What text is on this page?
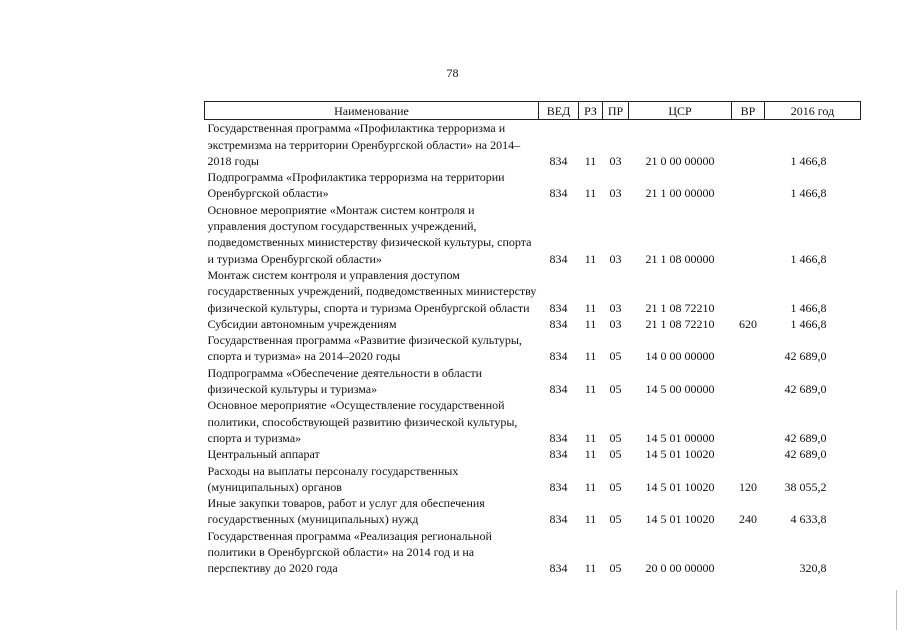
78
Наименование	ВЕД	РЗ	ПР	ЦСР	ВР	2016 год
Государственная программа «Профилактика терроризма и экстремизма на территории Оренбургской области» на 2014–2018 годы	834	11	03	21 0 00 00000		1 466,8
Подпрограмма «Профилактика терроризма на территории Оренбургской области»	834	11	03	21 1 00 00000		1 466,8
Основное мероприятие «Монтаж систем контроля и управления доступом государственных учреждений, подведомственных министерству физической культуры, спорта и туризма Оренбургской области»	834	11	03	21 1 08 00000		1 466,8
Монтаж систем контроля и управления доступом государственных учреждений, подведомственных министерству физической культуры, спорта и туризма Оренбургской области	834	11	03	21 1 08 72210		1 466,8
Субсидии автономным учреждениям	834	11	03	21 1 08 72210	620	1 466,8
Государственная программа «Развитие физической культуры, спорта и туризма» на 2014–2020 годы	834	11	05	14 0 00 00000		42 689,0
Подпрограмма «Обеспечение деятельности в области физической культуры и туризма»	834	11	05	14 5 00 00000		42 689,0
Основное мероприятие «Осуществление государственной политики, способствующей развитию физической культуры, спорта и туризма»	834	11	05	14 5 01 00000		42 689,0
Центральный аппарат	834	11	05	14 5 01 10020		42 689,0
Расходы на выплаты персоналу государственных (муниципальных) органов	834	11	05	14 5 01 10020	120	38 055,2
Иные закупки товаров, работ и услуг для обеспечения государственных (муниципальных) нужд	834	11	05	14 5 01 10020	240	4 633,8
Государственная программа «Реализация региональной политики в Оренбургской области» на 2014 год и на перспективу до 2020 года	834	11	05	20 0 00 00000		320,8
